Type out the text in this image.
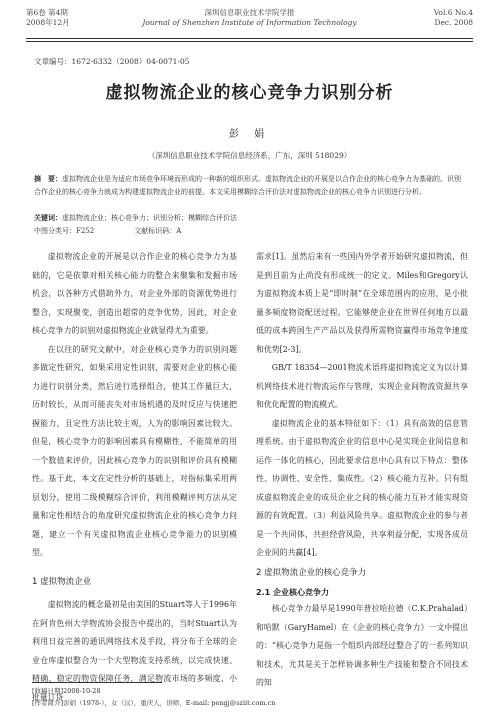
第6卷 第4期
2008年12月
深圳信息职业技术学院学报
Journal of Shenzhen Institute of Information Technology
Vol.6 No.4
Dec. 2008
文章编号：1672-6332（2008）04-0071-05
虚拟物流企业的核心竞争力识别分析
彭 娟
（深圳信息职业技术学院信息经济系，广东，深圳 518029）
摘　要：虚拟物流企业是为适应市场竞争环境而形成的一种新的组织形式。虚拟物流企业的开展是以合作企业的核心竞争力为基础的。识别合作企业的核心竞争力就成为构建虚拟物流企业的前提。本文采用模糊综合评价法对虚拟物流企业的核心竞争力识别进行分析。
关键词：虚拟物流企业；核心竞争力；识别分析；模糊综合评价法
中图分类号：F252	文献标识码：A

虚拟物流企业的开展是以合作企业的核心竞争力为基础的，它是依靠对相关核心能力的整合来聚集和发掘市场机会，以各种方式借助外力，对企业外部的资源优势进行整合，实现聚变，创造出超常的竞争优势，因此，对企业核心竞争力的识别对虚拟物流企业就显得尤为重要。

在以往的研究文献中，对企业核心竞争力的识别问题多做定性研究，如果采用定性识别，需要对企业的核心能力进行识别分类，然后进行选择组合，使其工作量巨大，历时较长，从而可能丧失对市场机遇的及时反应与快速把握能力，且定性方法比较主观，人为的影响因素比较大。但是，核心竞争力的影响因素具有模糊性，不能简单的用一个数值来评价，因此核心竞争力的识别和评价具有模糊性。基于此，本文在定性分析的基础上，对指标集采用两层划分，使用二级模糊综合评价，利用模糊评判方法从定量和定性相结合的角度研究虚拟物流企业的核心竞争力问题，建立一个有关虚拟物流企业核心竞争能力的识别模型。

1 虚拟物流企业

虚拟物流的概念最初是由美国的Stuart等人于1996年在阿肯色州大学物流协会报告中提出的，当时Stuart认为利用日益完善的通讯网络技术及手段，将分布于全球的企业仓库虚拟整合为一个大型物流支持系统，以完成快速、精确、稳定的物资保障任务，满足物流市场的多频度、小批量订货

需求[1]。虽然后来有一些国内外学者开始研究虚拟物流，但是到目前为止尚没有形成统一的定义。Miles和Gregory认为虚拟物流本质上是“即时制”在全球范围内的应用，是小批量多频度物资配送过程。它能够使企业在世界任何地方以最低的成本跨国生产产品以及获得所需物资赢得市场竞争速度和优势[2-3]。

GB/T 18354—2001物流术语将虚拟物流定义为以计算机网络技术进行物流运作与管理，实现企业间物流资源共享和优化配置的物流模式。

虚拟物流企业的基本特征如下：（1）具有高效的信息管理系统。由于虚拟物流企业的信息中心是实现企业间信息和运作一体化的核心，因此要求信息中心具有以下特点：整体性、协调性、安全性、集成性。（2）核心能力互补。只有组成虚拟物流企业的成员企业之间的核心能力互补才能实现资源的有效配置。（3）利益风险共享。虚拟物流企业的参与者是一个共同体，共担经营风险，共享利益分配，实现各成员企业间的共赢[4]。

2 虚拟物流企业的核心竞争力
2.1 企业核心竞争力

核心竞争力最早是1990年普拉哈拉德（C.K.Prahalad）和哈默（GaryHamel）在《企业的核心竞争力》一文中提出的：“核心竞争力是指一个组织内部经过整合了的一系列知识和技术，尤其是关于怎样协调多种生产技能和整合不同技术的知

[收稿日期]2008-10-28
[作者简介]彭娟（1978-），女（汉），重庆人，讲师，E-mail: pengj@sziit.com.cn
